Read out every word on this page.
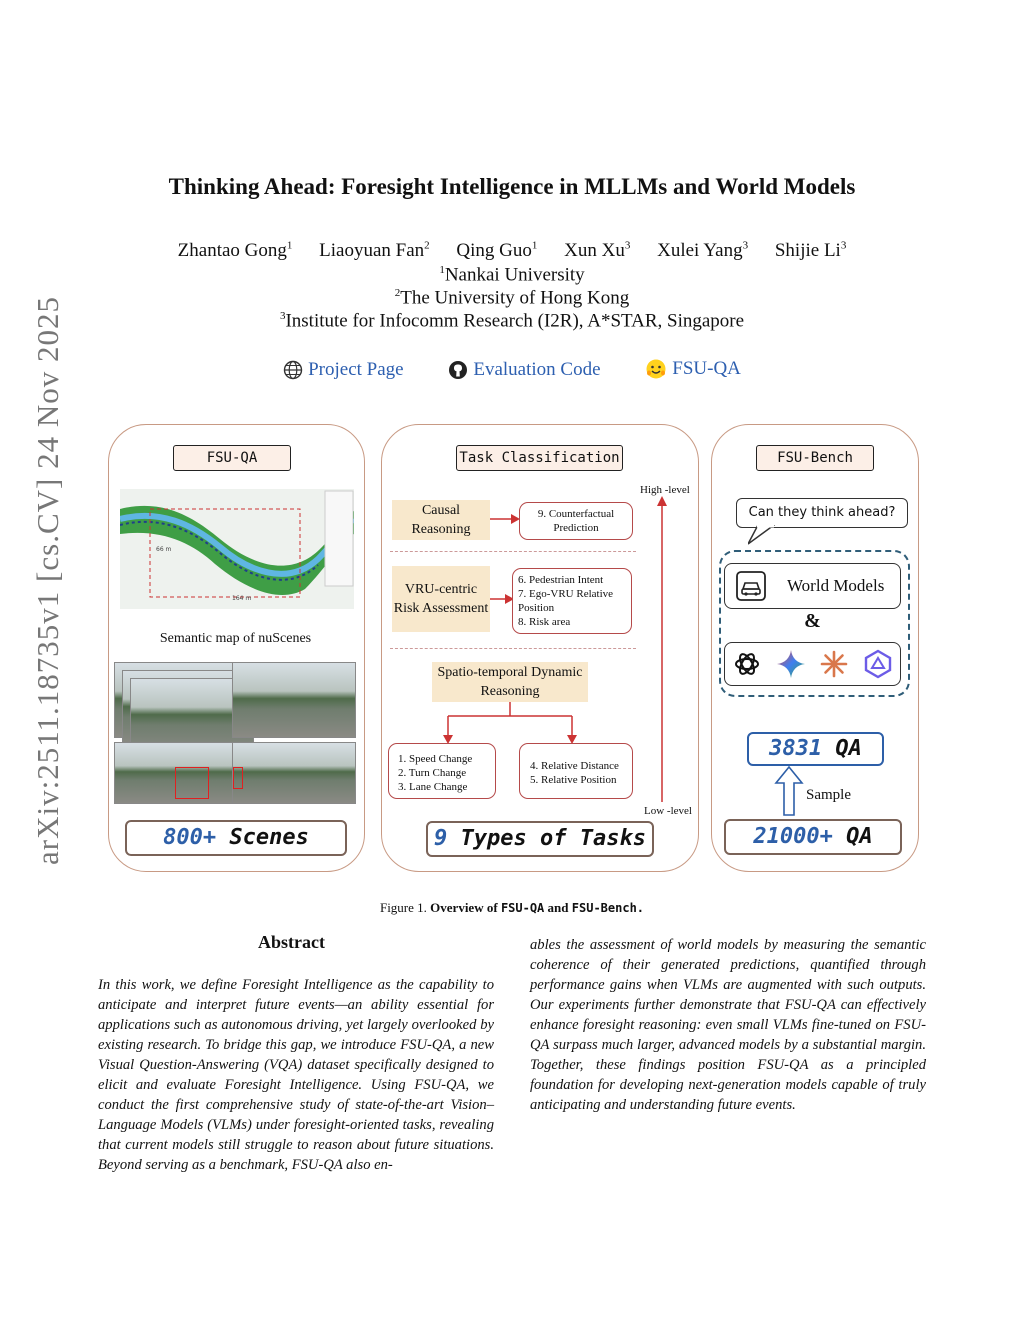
arXiv:2511.18735v1 [cs.CV] 24 Nov 2025
Thinking Ahead: Foresight Intelligence in MLLMs and World Models
Zhantao Gong$^1$ Liaoyuan Fan$^2$ Qing Guo$^1$ Xun Xu$^3$ Xulei Yang$^3$ Shijie Li$^3$
$^1$Nankai University
$^2$The University of Hong Kong
$^3$Institute for Infocomm Research (I2R), A*STAR, Singapore
Project Page
	Evaluation Code
	FSU-QA
FSU-QA
66 m
164 m
Semantic map of nuScenes
800+ Scenes
Task Classification
High -level
Low -level
Causal Reasoning
9. Counterfactual Prediction
VRU-centric Risk Assessment
6. Pedestrian Intent
7. Ego-VRU Relative Position
8. Risk area
Spatio-temporal Dynamic Reasoning
1. Speed Change
2. Turn Change
3. Lane Change
4. Relative Distance
5. Relative Position
9 Types of Tasks
FSU-Bench
Can they think ahead?
World Models
&
3831 QA
Sample
21000+ QA
Figure 1. Overview of FSU-QA and FSU-Bench.
Abstract
In this work, we define Foresight Intelligence as the capability to anticipate and interpret future events—an ability essential for applications such as autonomous driving, yet largely overlooked by existing research. To bridge this gap, we introduce FSU-QA, a new Visual Question-Answering (VQA) dataset specifically designed to elicit and evaluate Foresight Intelligence. Using FSU-QA, we conduct the first comprehensive study of state-of-the-art Vision–Language Models (VLMs) under foresight-oriented tasks, revealing that current models still struggle to reason about future situations. Beyond serving as a benchmark, FSU-QA also en-
ables the assessment of world models by measuring the semantic coherence of their generated predictions, quantified through performance gains when VLMs are augmented with such outputs. Our experiments further demonstrate that FSU-QA can effectively enhance foresight reasoning: even small VLMs fine-tuned on FSU-QA surpass much larger, advanced models by a substantial margin. Together, these findings position FSU-QA as a principled foundation for developing next-generation models capable of truly anticipating and understanding future events.
